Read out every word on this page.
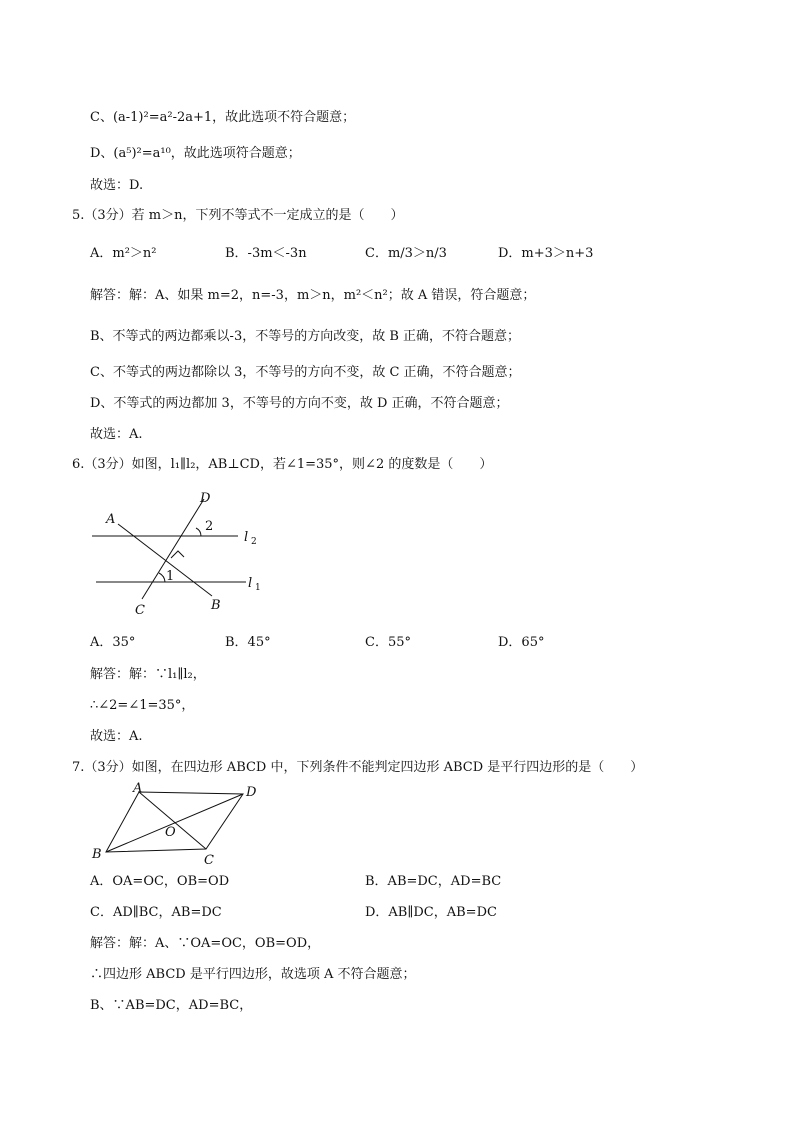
C、(a-1)²=a²-2a+1，故此选项不符合题意；
D、(a⁵)²=a¹⁰，故此选项符合题意；
故选：D.
5.（3分）若 m＞n，下列不等式不一定成立的是（　　）
A．m²＞n²	B．-3m＜-3n	C．m/3＞n/3	D．m+3＞n+3
解答：解：A、如果 m=2，n=-3，m＞n，m²＜n²；故 A 错误，符合题意；
B、不等式的两边都乘以-3，不等号的方向改变，故 B 正确，不符合题意；
C、不等式的两边都除以 3，不等号的方向不变，故 C 正确，不符合题意；
D、不等式的两边都加 3，不等号的方向不变，故 D 正确，不符合题意；
故选：A.
6.（3分）如图，l₁∥l₂，AB⊥CD，若∠1=35°，则∠2 的度数是（　　）
A
D
2
l 2
1	l 1
C	B
A．35°	B．45°	C．55°	D．65°
解答：解：∵l₁∥l₂，
∴∠2=∠1=35°，
故选：A.
7.（3分）如图，在四边形 ABCD 中，下列条件不能判定四边形 ABCD 是平行四边形的是（　　）
A	D
O
B	C
A．OA=OC，OB=OD	B．AB=DC，AD=BC
C．AD∥BC，AB=DC	D．AB∥DC，AB=DC
解答：解：A、∵OA=OC，OB=OD，
∴四边形 ABCD 是平行四边形，故选项 A 不符合题意；
B、∵AB=DC，AD=BC，
